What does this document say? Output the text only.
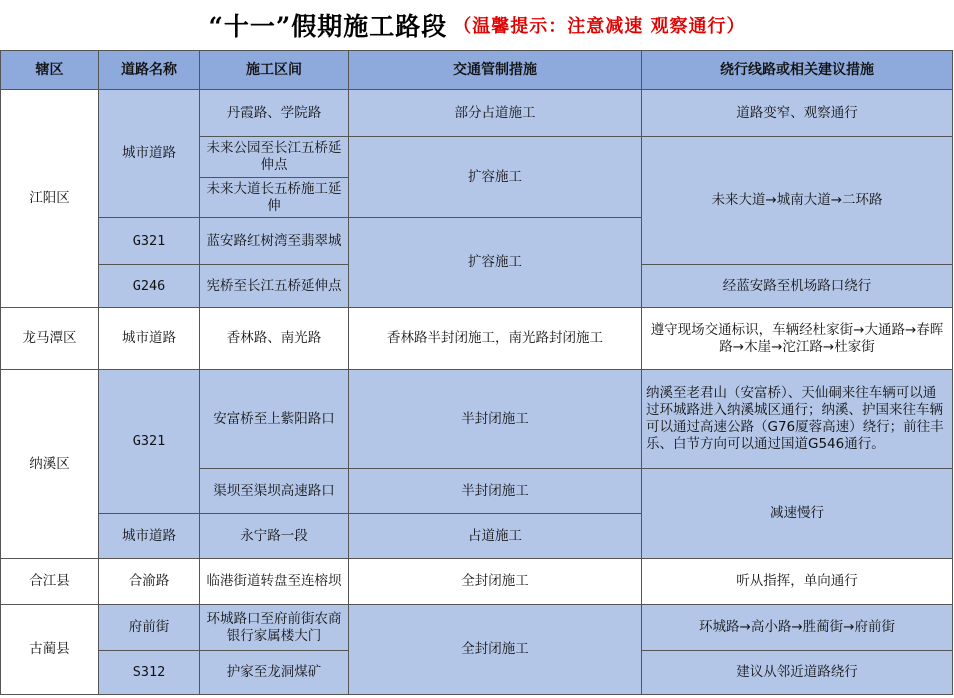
“十一”假期施工路段 （温馨提示：注意减速 观察通行）
辖区	道路名称	施工区间	交通管制措施	绕行线路或相关建议措施
江阳区	城市道路	丹霞路、学院路	部分占道施工	道路变窄、观察通行
		未来公园至长江五桥延伸点	扩容施工	未来大道→城南大道→二环路
		未来大道长五桥施工延伸		
	G321	蓝安路红树湾至翡翠城	扩容施工	
	G246	宪桥至长江五桥延伸点		经蓝安路至机场路口绕行
龙马潭区	城市道路	香林路、南光路	香林路半封闭施工，南光路封闭施工	遵守现场交通标识，车辆经杜家街→大通路→春晖路→木崖→沱江路→杜家街
纳溪区	G321	安富桥至上紫阳路口	半封闭施工	纳溪至老君山（安富桥）、天仙硐来往车辆可以通过环城路进入纳溪城区通行；纳溪、护国来往车辆可以通过高速公路（G76厦蓉高速）绕行；前往丰乐、白节方向可以通过国道G546通行。
		渠坝至渠坝高速路口	半封闭施工	减速慢行
	城市道路	永宁路一段	占道施工	
合江县	合渝路	临港街道转盘至连榕坝	全封闭施工	听从指挥，单向通行
古蔺县	府前街	环城路口至府前街农商银行家属楼大门	全封闭施工	环城路→高小路→胜蔺街→府前街
	S312	护家至龙洞煤矿		建议从邻近道路绕行
